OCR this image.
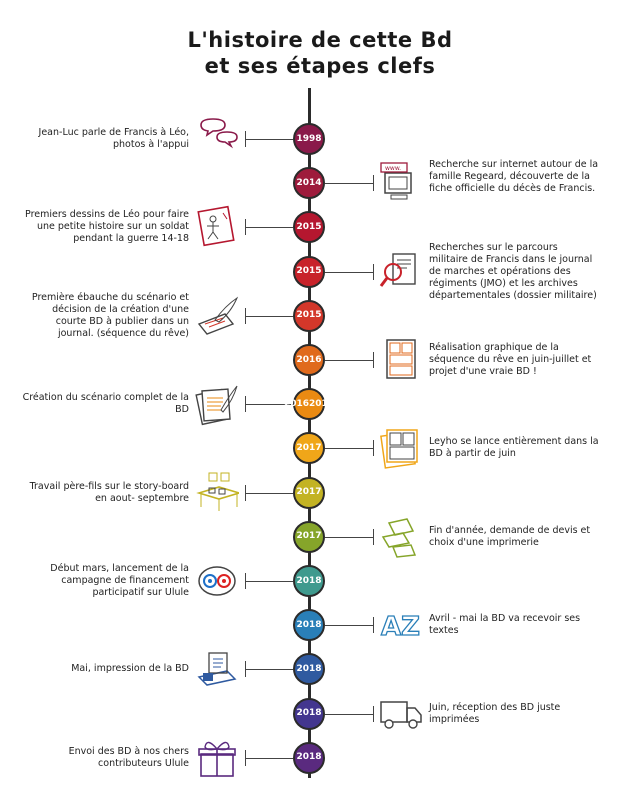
L'histoire de cette Bd
et ses étapes clefs
1998
Jean-Luc parle de Francis à Léo, photos à l'appui
2014
www.	Recherche sur internet autour de la famille Regeard, découverte de la fiche officielle du décès de Francis.
2015
Premiers dessins de Léo pour faire une petite histoire sur un soldat pendant la guerre 14-18
2015
Recherches sur le parcours militaire de Francis dans le journal de marches et opérations des régiments (JMO) et les archives départementales (dossier militaire)
2015
Première ébauche du scénario et décision de la création d'une courte BD à publier dans un journal. (séquence du rêve)
2016
Réalisation graphique de la séquence du rêve en juin-juillet et projet d'une vraie BD !
2016 2017
Création du scénario complet de la BD
2017
Leyho se lance entièrement dans la BD à partir de juin
2017
Travail père-fils sur le story-board en aout- septembre
2017
Fin d'année, demande de devis et choix d'une imprimerie
2018
Début mars, lancement de la campagne de financement participatif sur Ulule
2018 AZ Avril - mai la BD va recevoir ses textes
2018
Mai, impression de la BD
2018
Juin, réception des BD juste imprimées
2018
Envoi des BD à nos chers contributeurs Ulule
